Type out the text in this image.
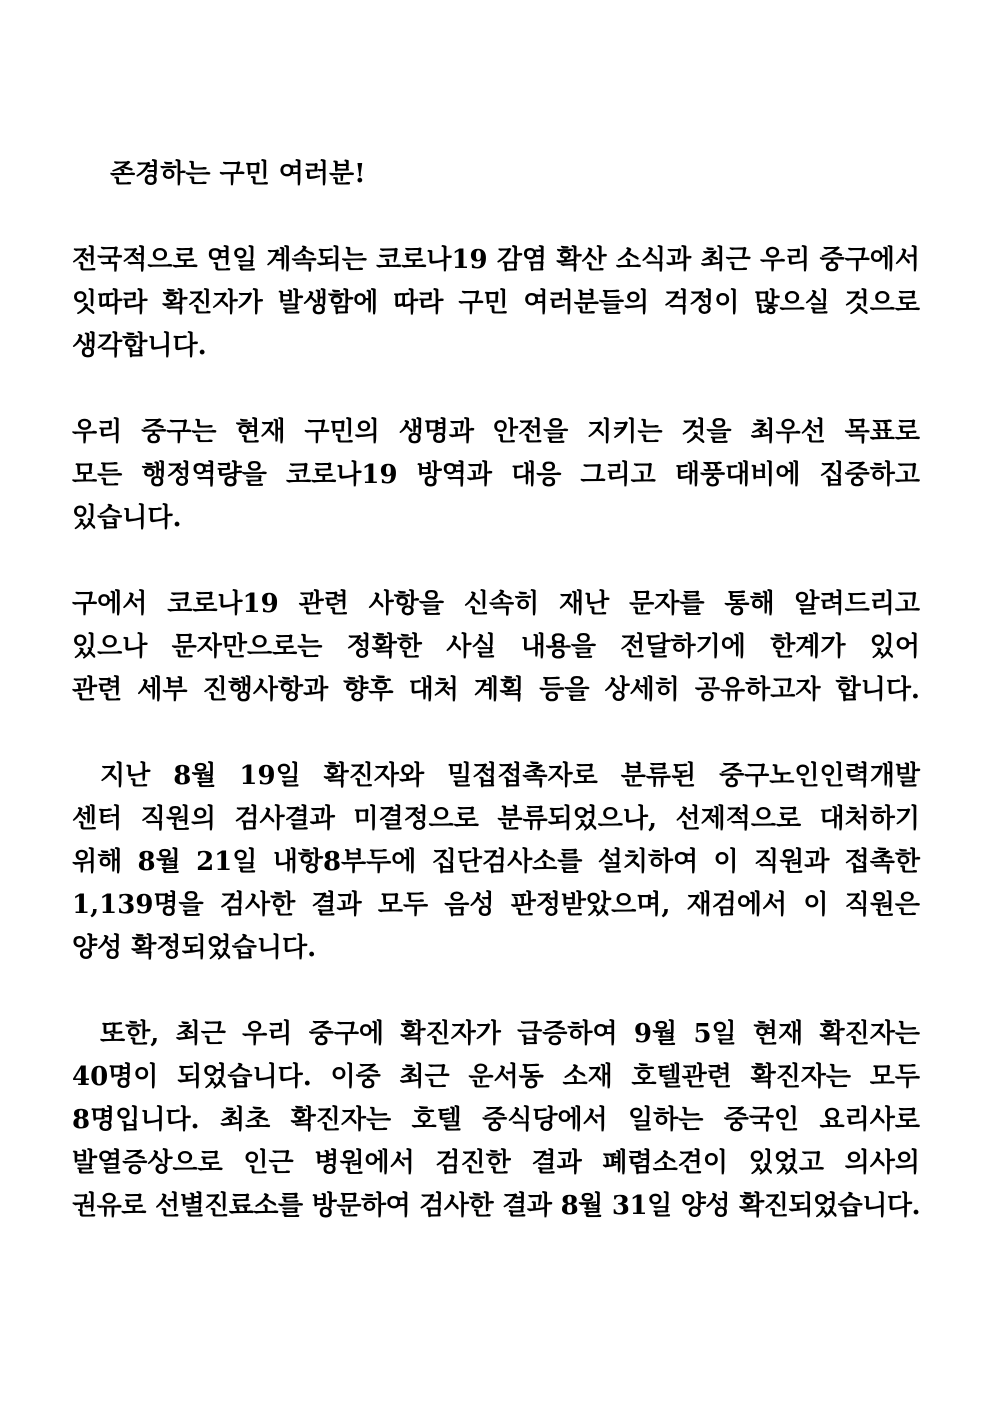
존경하는 구민 여러분!

전국적으로 연일 계속되는 코로나19 감염 확산 소식과 최근 우리 중구에서

잇따라 확진자가 발생함에 따라 구민 여러분들의 걱정이 많으실 것으로

생각합니다.

우리 중구는 현재 구민의 생명과 안전을 지키는 것을 최우선 목표로

모든 행정역량을 코로나19 방역과 대응 그리고 태풍대비에 집중하고

있습니다.

구에서 코로나19 관련 사항을 신속히 재난 문자를 통해 알려드리고

있으나 문자만으로는 정확한 사실 내용을 전달하기에 한계가 있어

관련 세부 진행사항과 향후 대처 계획 등을 상세히 공유하고자 합니다.

지난 8월 19일 확진자와 밀접접촉자로 분류된 중구노인인력개발

센터 직원의 검사결과 미결정으로 분류되었으나, 선제적으로 대처하기

위해 8월 21일 내항8부두에 집단검사소를 설치하여 이 직원과 접촉한

1,139명을 검사한 결과 모두 음성 판정받았으며, 재검에서 이 직원은

양성 확정되었습니다.

또한, 최근 우리 중구에 확진자가 급증하여 9월 5일 현재 확진자는

40명이 되었습니다. 이중 최근 운서동 소재 호텔관련 확진자는 모두

8명입니다. 최초 확진자는 호텔 중식당에서 일하는 중국인 요리사로

발열증상으로 인근 병원에서 검진한 결과 폐렴소견이 있었고 의사의

권유로 선별진료소를 방문하여 검사한 결과 8월 31일 양성 확진되었습니다.
